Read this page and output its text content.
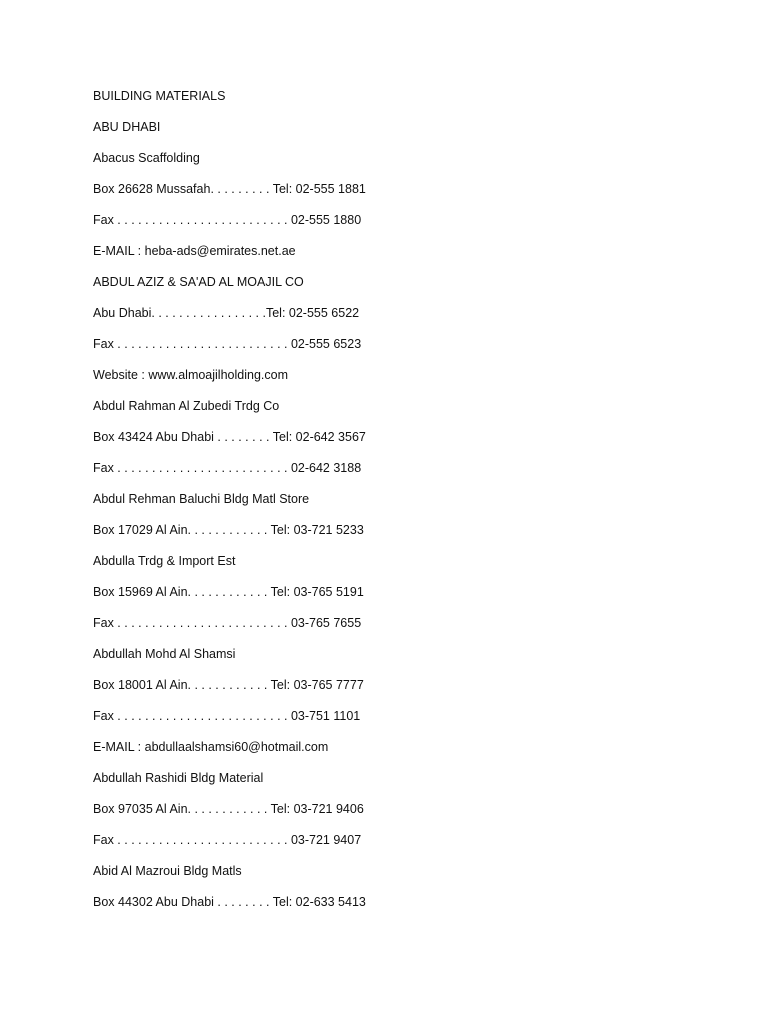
BUILDING MATERIALS
ABU DHABI
Abacus Scaffolding
Box 26628 Mussafah. . . . . . . . . Tel: 02-555 1881
Fax . . . . . . . . . . . . . . . . . . . . . . . . . 02-555 1880
E-MAIL : heba-ads@emirates.net.ae
ABDUL AZIZ & SA'AD AL MOAJIL CO
Abu Dhabi. . . . . . . . . . . . . . . . .Tel: 02-555 6522
Fax . . . . . . . . . . . . . . . . . . . . . . . . . 02-555 6523
Website : www.almoajilholding.com
Abdul Rahman Al Zubedi Trdg Co
Box 43424 Abu Dhabi . . . . . . . . Tel: 02-642 3567
Fax . . . . . . . . . . . . . . . . . . . . . . . . . 02-642 3188
Abdul Rehman Baluchi Bldg Matl Store
Box 17029 Al Ain. . . . . . . . . . . . Tel: 03-721 5233
Abdulla Trdg & Import Est
Box 15969 Al Ain. . . . . . . . . . . . Tel: 03-765 5191
Fax . . . . . . . . . . . . . . . . . . . . . . . . . 03-765 7655
Abdullah Mohd Al Shamsi
Box 18001 Al Ain. . . . . . . . . . . . Tel: 03-765 7777
Fax . . . . . . . . . . . . . . . . . . . . . . . . . 03-751 1101
E-MAIL : abdullaalshamsi60@hotmail.com
Abdullah Rashidi Bldg Material
Box 97035 Al Ain. . . . . . . . . . . . Tel: 03-721 9406
Fax . . . . . . . . . . . . . . . . . . . . . . . . . 03-721 9407
Abid Al Mazroui Bldg Matls
Box 44302 Abu Dhabi . . . . . . . . Tel: 02-633 5413
